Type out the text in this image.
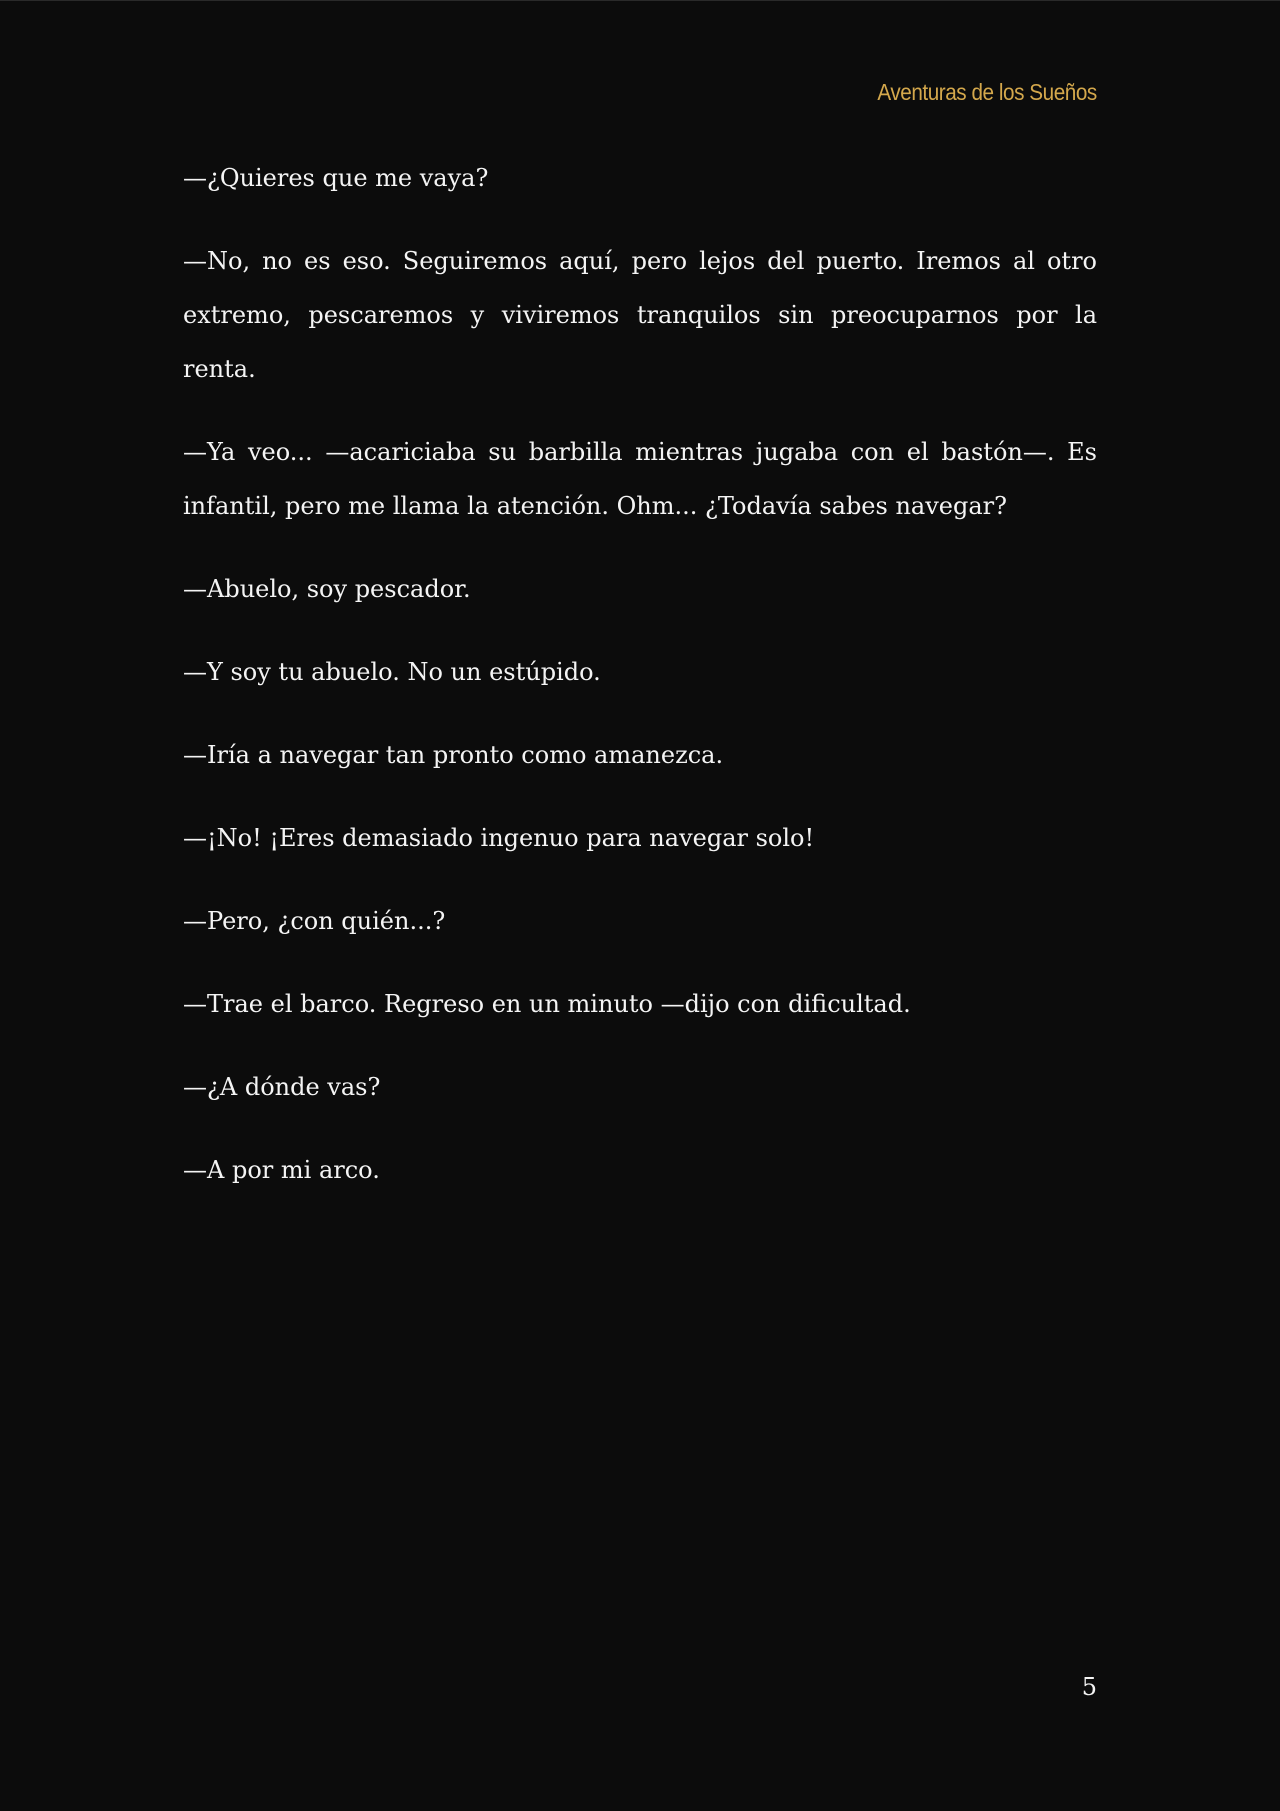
Aventuras de los Sueños

—¿Quieres que me vaya?

—No, no es eso. Seguiremos aquí, pero lejos del puerto. Iremos al otro extremo, pescaremos y viviremos tranquilos sin preocuparnos por la renta.

—Ya veo... —acariciaba su barbilla mientras jugaba con el bastón—. Es infantil, pero me llama la atención. Ohm... ¿Todavía sabes navegar?

—Abuelo, soy pescador.

—Y soy tu abuelo. No un estúpido.

—Iría a navegar tan pronto como amanezca.

—¡No! ¡Eres demasiado ingenuo para navegar solo!

—Pero, ¿con quién...?

—Trae el barco. Regreso en un minuto —dijo con dificultad.

—¿A dónde vas?

—A por mi arco.

5
